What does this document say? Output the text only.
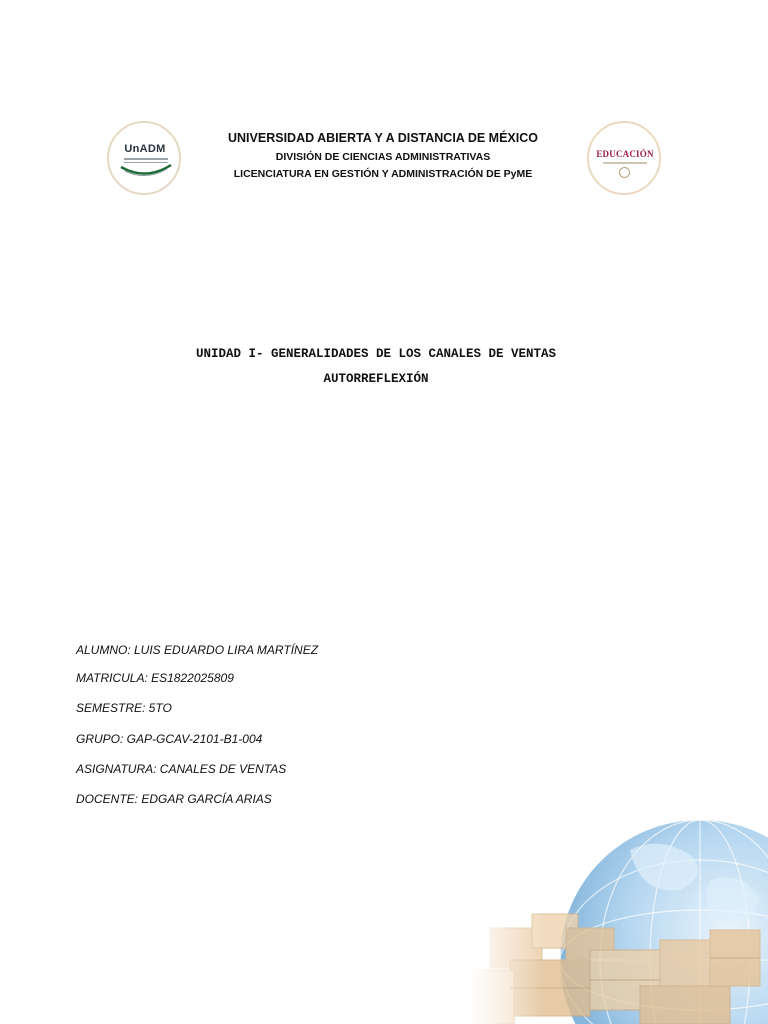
UnADM
UNIVERSIDAD ABIERTA Y A DISTANCIA DE MÉXICO
DIVISIÓN DE CIENCIAS ADMINISTRATIVAS
LICENCIATURA EN GESTIÓN Y ADMINISTRACIÓN DE PyME
EDUCACIÓN
UNIDAD I- GENERALIDADES DE LOS CANALES DE VENTAS
AUTORREFLEXIÓN
ALUMNO: LUIS EDUARDO LIRA MARTÍNEZ
MATRICULA: ES1822025809
SEMESTRE: 5TO
GRUPO: GAP-GCAV-2101-B1-004
ASIGNATURA: CANALES DE VENTAS
DOCENTE: EDGAR GARCÍA ARIAS
